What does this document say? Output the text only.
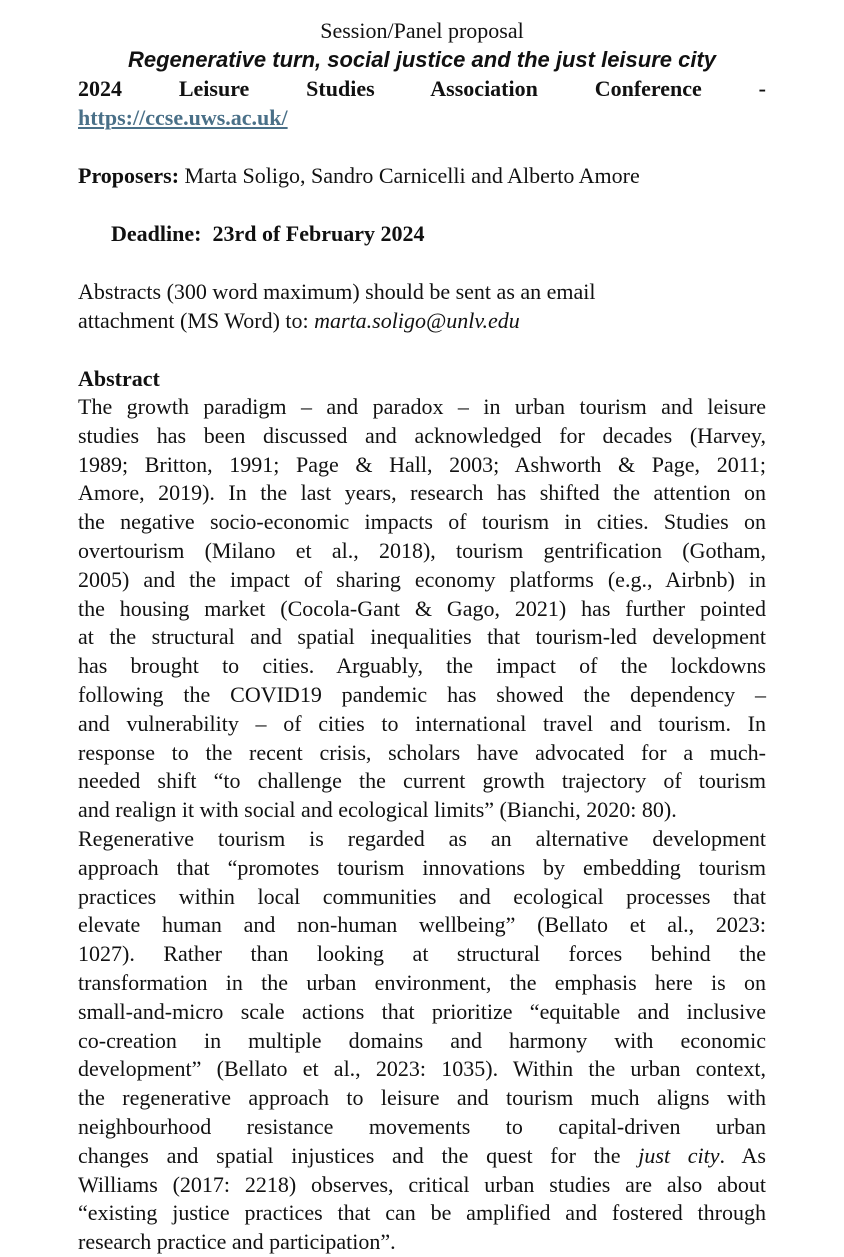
Session/Panel proposal
Regenerative turn, social justice and the just leisure city
2024	Leisure	Studies	Association	Conference	-
https://ccse.uws.ac.uk/
Proposers: Marta Soligo, Sandro Carnicelli and Alberto Amore

Deadline:  23rd of February 2024

Abstracts (300 word maximum) should be sent as an email
attachment (MS Word) to: marta.soligo@unlv.edu
Abstract
The growth paradigm – and paradox – in urban tourism and leisure
studies has been discussed and acknowledged for decades (Harvey,
1989; Britton, 1991; Page & Hall, 2003; Ashworth & Page, 2011;
Amore, 2019). In the last years, research has shifted the attention on
the negative socio-economic impacts of tourism in cities. Studies on
overtourism (Milano et al., 2018), tourism gentrification (Gotham,
2005) and the impact of sharing economy platforms (e.g., Airbnb) in
the housing market (Cocola-Gant & Gago, 2021) has further pointed
at the structural and spatial inequalities that tourism-led development
has brought to cities. Arguably, the impact of the lockdowns
following the COVID19 pandemic has showed the dependency –
and vulnerability – of cities to international travel and tourism. In
response to the recent crisis, scholars have advocated for a much-
needed shift “to challenge the current growth trajectory of tourism
and realign it with social and ecological limits” (Bianchi, 2020: 80).
Regenerative tourism is regarded as an alternative development
approach that “promotes tourism innovations by embedding tourism
practices within local communities and ecological processes that
elevate human and non-human wellbeing” (Bellato et al., 2023:
1027). Rather than looking at structural forces behind the
transformation in the urban environment, the emphasis here is on
small-and-micro scale actions that prioritize “equitable and inclusive
co-creation in multiple domains and harmony with economic
development” (Bellato et al., 2023: 1035). Within the urban context,
the regenerative approach to leisure and tourism much aligns with
neighbourhood resistance movements to capital-driven urban
changes and spatial injustices and the quest for the just city. As
Williams (2017: 2218) observes, critical urban studies are also about
“existing justice practices that can be amplified and fostered through
research practice and participation”.
